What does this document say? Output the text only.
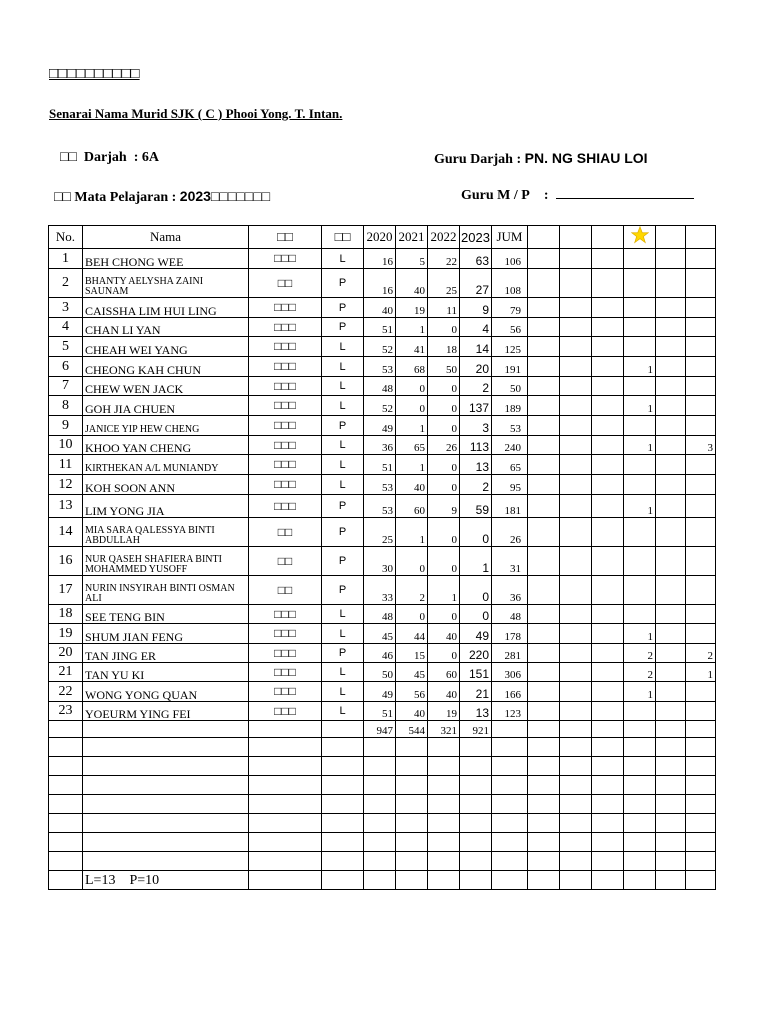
□□□□□□□□□□
Senarai Nama Murid SJK ( C ) Phooi Yong. T. Intan.
□□ Darjah : 6A	Guru Darjah : PN. NG SHIAU LOI
□□ Mata Pelajaran : 2023□□□□□□□	Guru M / P :
No.	Nama	□□	□□	2020	2021	2022	2023	JUM						
1	BEH CHONG WEE	□□□	L	16	5	22	63	106						
2	BHANTY AELYSHA ZAINI SAUNAM	□□	P	16	40	25	27	108						
3	CAISSHA LIM HUI LING	□□□	P	40	19	11	9	79						
4	CHAN LI YAN	□□□	P	51	1	0	4	56						
5	CHEAH WEI YANG	□□□	L	52	41	18	14	125						
6	CHEONG KAH CHUN	□□□	L	53	68	50	20	191				1		
7	CHEW WEN JACK	□□□	L	48	0	0	2	50						
8	GOH JIA CHUEN	□□□	L	52	0	0	137	189				1		
9	JANICE YIP HEW CHENG	□□□	P	49	1	0	3	53						
10	KHOO YAN CHENG	□□□	L	36	65	26	113	240				1		3
11	KIRTHEKAN A/L MUNIANDY	□□□	L	51	1	0	13	65						
12	KOH SOON ANN	□□□	L	53	40	0	2	95						
13	LIM YONG JIA	□□□	P	53	60	9	59	181				1		
14	MIA SARA QALESSYA BINTI ABDULLAH	□□	P	25	1	0	0	26						
16	NUR QASEH SHAFIERA BINTI MOHAMMED YUSOFF	□□	P	30	0	0	1	31						
17	NURIN INSYIRAH BINTI OSMAN ALI	□□	P	33	2	1	0	36						
18	SEE TENG BIN	□□□	L	48	0	0	0	48						
19	SHUM JIAN FENG	□□□	L	45	44	40	49	178				1		
20	TAN JING ER	□□□	P	46	15	0	220	281				2		2
21	TAN YU KI	□□□	L	50	45	60	151	306				2		1
22	WONG YONG QUAN	□□□	L	49	56	40	21	166				1		
23	YOEURM YING FEI	□□□	L	51	40	19	13	123						
				947	544	321	921							

	L=13    P=10													
